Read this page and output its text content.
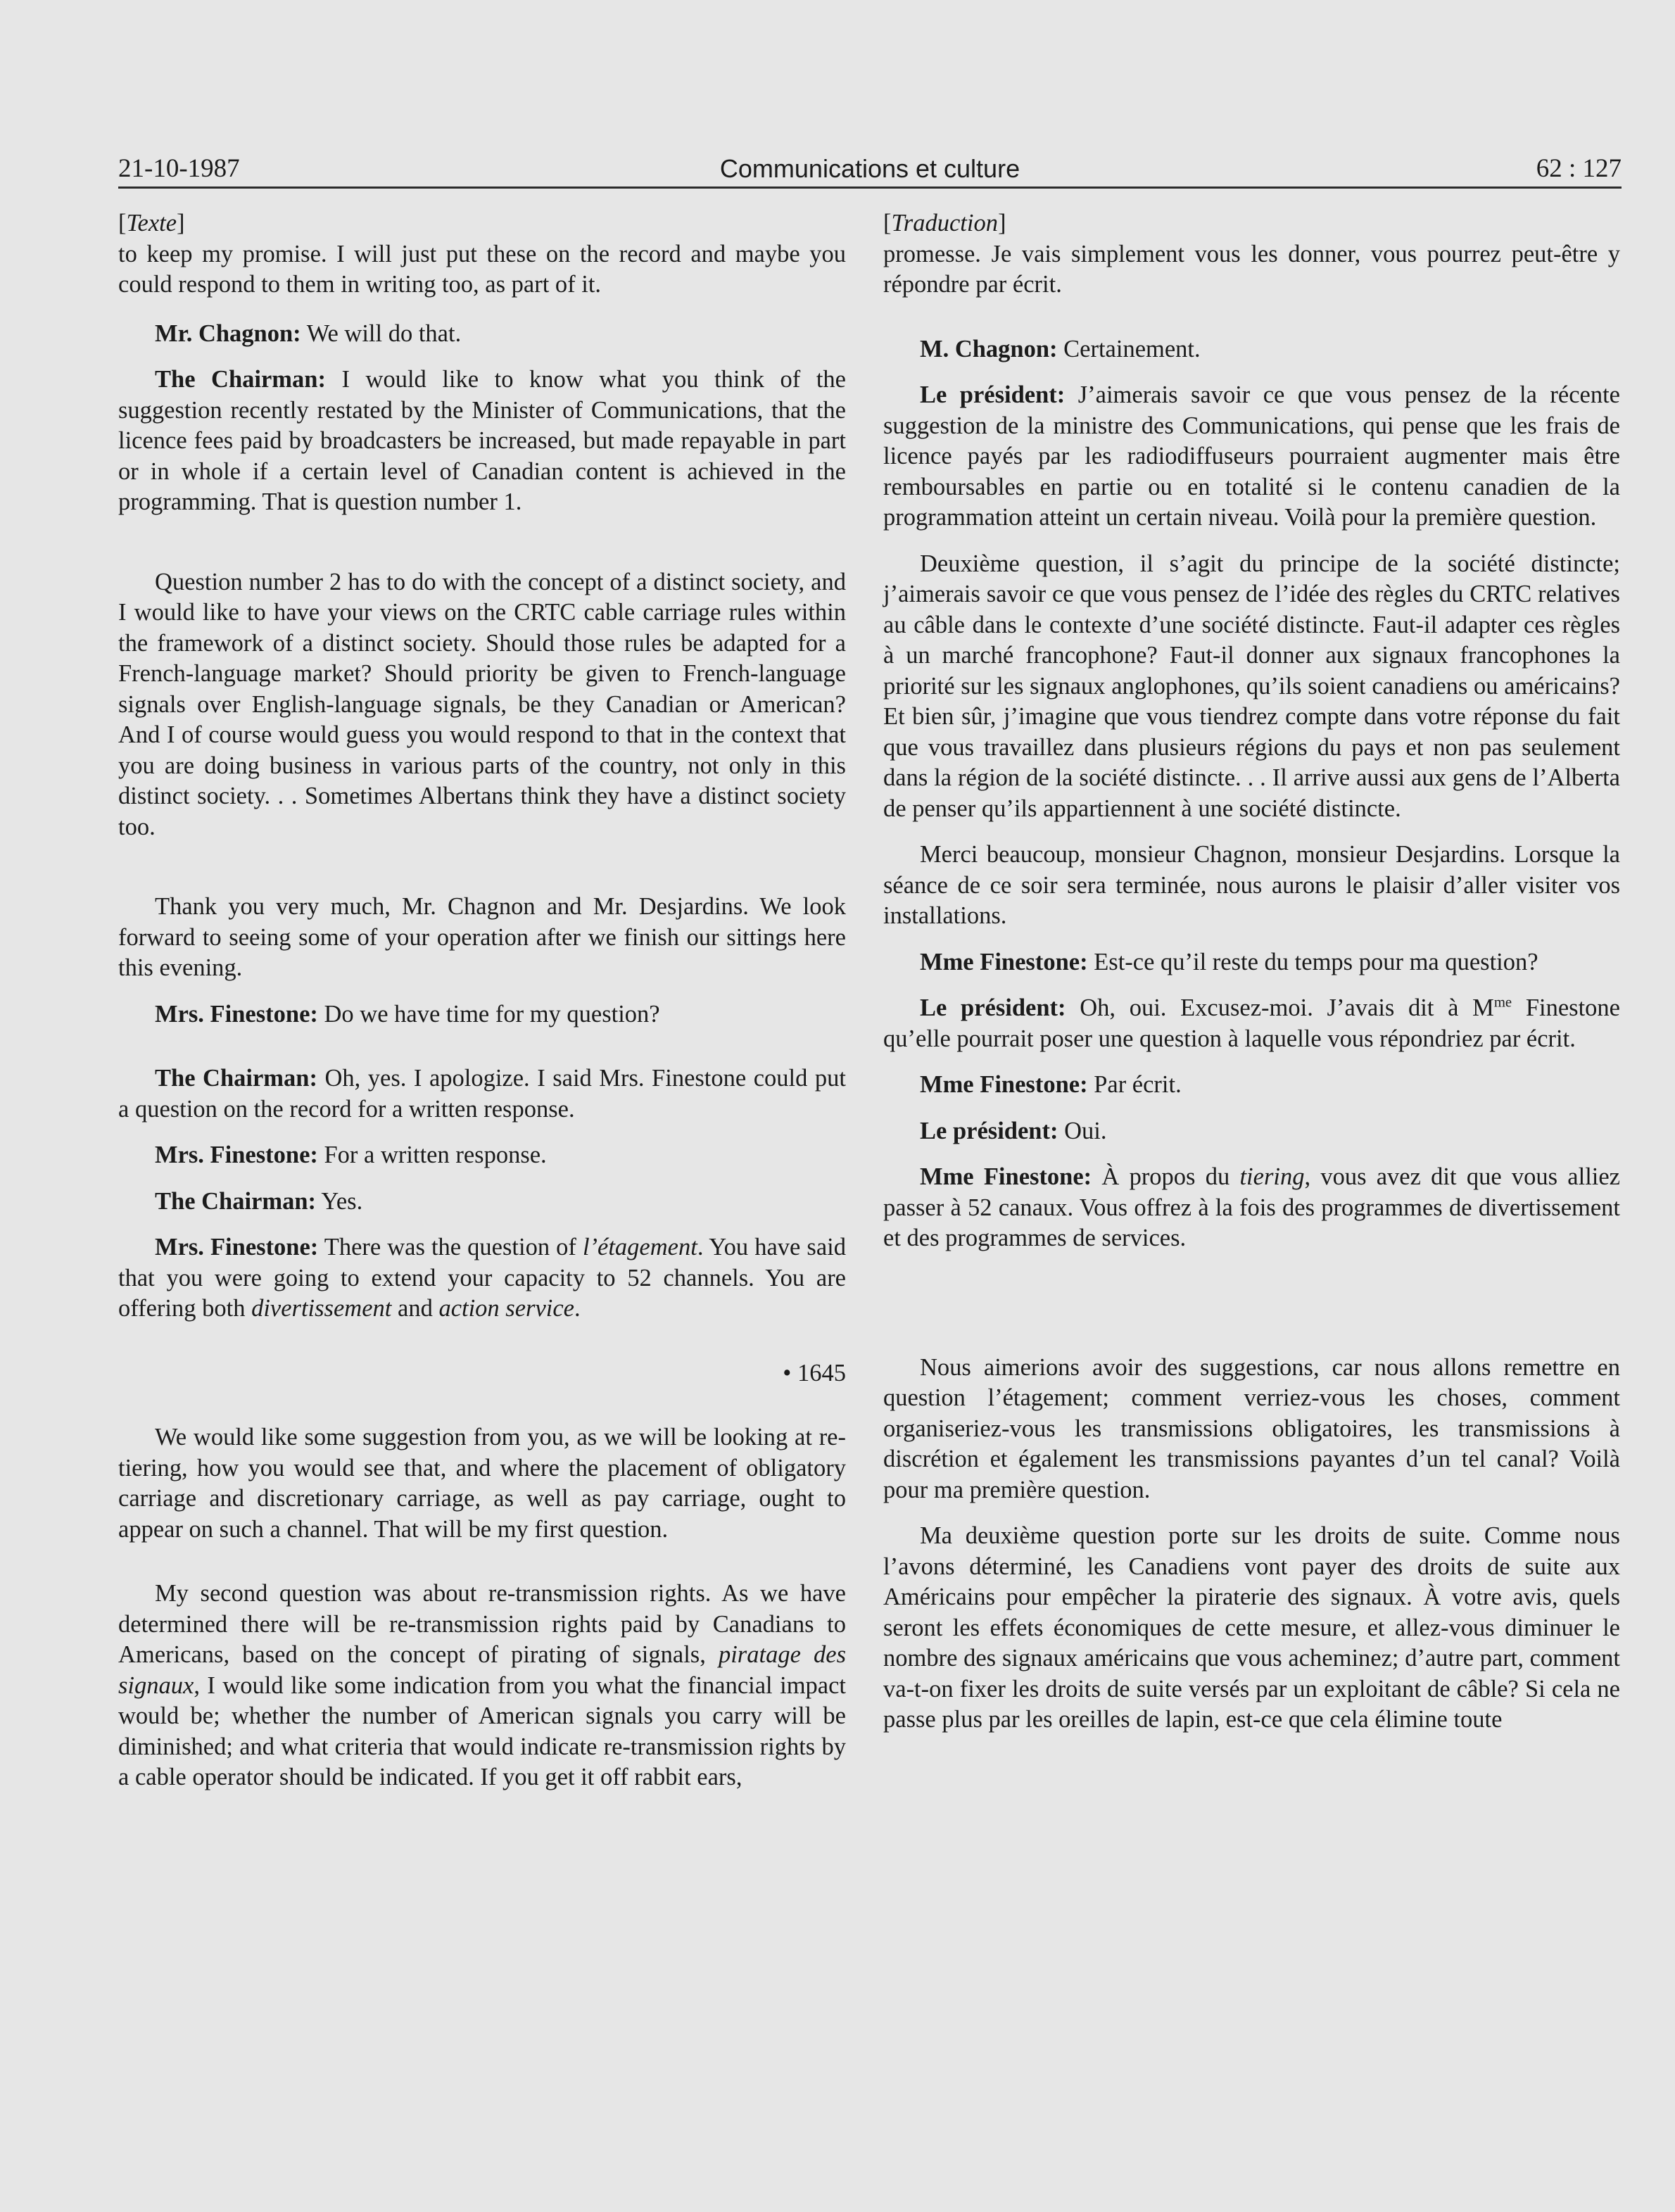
21-10-1987	Communications et culture	62 : 127

[Texte]

to keep my promise. I will just put these on the record and maybe you could respond to them in writing too, as part of it.

Mr. Chagnon: We will do that.

The Chairman: I would like to know what you think of the suggestion recently restated by the Minister of Communications, that the licence fees paid by broadcasters be increased, but made repayable in part or in whole if a certain level of Canadian content is achieved in the programming. That is question number 1.

Question number 2 has to do with the concept of a distinct society, and I would like to have your views on the CRTC cable carriage rules within the framework of a distinct society. Should those rules be adapted for a French-language market? Should priority be given to French-language signals over English-language signals, be they Canadian or American? And I of course would guess you would respond to that in the context that you are doing business in various parts of the country, not only in this distinct society. . . Sometimes Albertans think they have a distinct society too.

Thank you very much, Mr. Chagnon and Mr. Desjardins. We look forward to seeing some of your operation after we finish our sittings here this evening.

Mrs. Finestone: Do we have time for my question?

The Chairman: Oh, yes. I apologize. I said Mrs. Finestone could put a question on the record for a written response.

Mrs. Finestone: For a written response.

The Chairman: Yes.

Mrs. Finestone: There was the question of l’étagement. You have said that you were going to extend your capacity to 52 channels. You are offering both divertissement and action service.

• 1645

We would like some suggestion from you, as we will be looking at re-tiering, how you would see that, and where the placement of obligatory carriage and discretionary carriage, as well as pay carriage, ought to appear on such a channel. That will be my first question.

My second question was about re-transmission rights. As we have determined there will be re-transmission rights paid by Canadians to Americans, based on the concept of pirating of signals, piratage des signaux, I would like some indication from you what the financial impact would be; whether the number of American signals you carry will be diminished; and what criteria that would indicate re-transmission rights by a cable operator should be indicated. If you get it off rabbit ears,

[Traduction]

promesse. Je vais simplement vous les donner, vous pourrez peut-être y répondre par écrit.

M. Chagnon: Certainement.

Le président: J’aimerais savoir ce que vous pensez de la récente suggestion de la ministre des Communications, qui pense que les frais de licence payés par les radiodiffuseurs pourraient augmenter mais être remboursables en partie ou en totalité si le contenu canadien de la programmation atteint un certain niveau. Voilà pour la première question.

Deuxième question, il s’agit du principe de la société distincte; j’aimerais savoir ce que vous pensez de l’idée des règles du CRTC relatives au câble dans le contexte d’une société distincte. Faut-il adapter ces règles à un marché francophone? Faut-il donner aux signaux francophones la priorité sur les signaux anglophones, qu’ils soient canadiens ou américains? Et bien sûr, j’imagine que vous tiendrez compte dans votre réponse du fait que vous travaillez dans plusieurs régions du pays et non pas seulement dans la région de la société distincte. . . Il arrive aussi aux gens de l’Alberta de penser qu’ils appartiennent à une société distincte.

Merci beaucoup, monsieur Chagnon, monsieur Desjardins. Lorsque la séance de ce soir sera terminée, nous aurons le plaisir d’aller visiter vos installations.

Mme Finestone: Est-ce qu’il reste du temps pour ma question?

Le président: Oh, oui. Excusez-moi. J’avais dit à $M^{me}$ Finestone qu’elle pourrait poser une question à laquelle vous répondriez par écrit.

Mme Finestone: Par écrit.

Le président: Oui.

Mme Finestone: À propos du tiering, vous avez dit que vous alliez passer à 52 canaux. Vous offrez à la fois des programmes de divertissement et des programmes de services.

Nous aimerions avoir des suggestions, car nous allons remettre en question l’étagement; comment verriez-vous les choses, comment organiseriez-vous les transmissions obligatoires, les transmissions à discrétion et également les transmissions payantes d’un tel canal? Voilà pour ma première question.

Ma deuxième question porte sur les droits de suite. Comme nous l’avons déterminé, les Canadiens vont payer des droits de suite aux Américains pour empêcher la piraterie des signaux. À votre avis, quels seront les effets économiques de cette mesure, et allez-vous diminuer le nombre des signaux américains que vous acheminez; d’autre part, comment va-t-on fixer les droits de suite versés par un exploitant de câble? Si cela ne passe plus par les oreilles de lapin, est-ce que cela élimine toute
